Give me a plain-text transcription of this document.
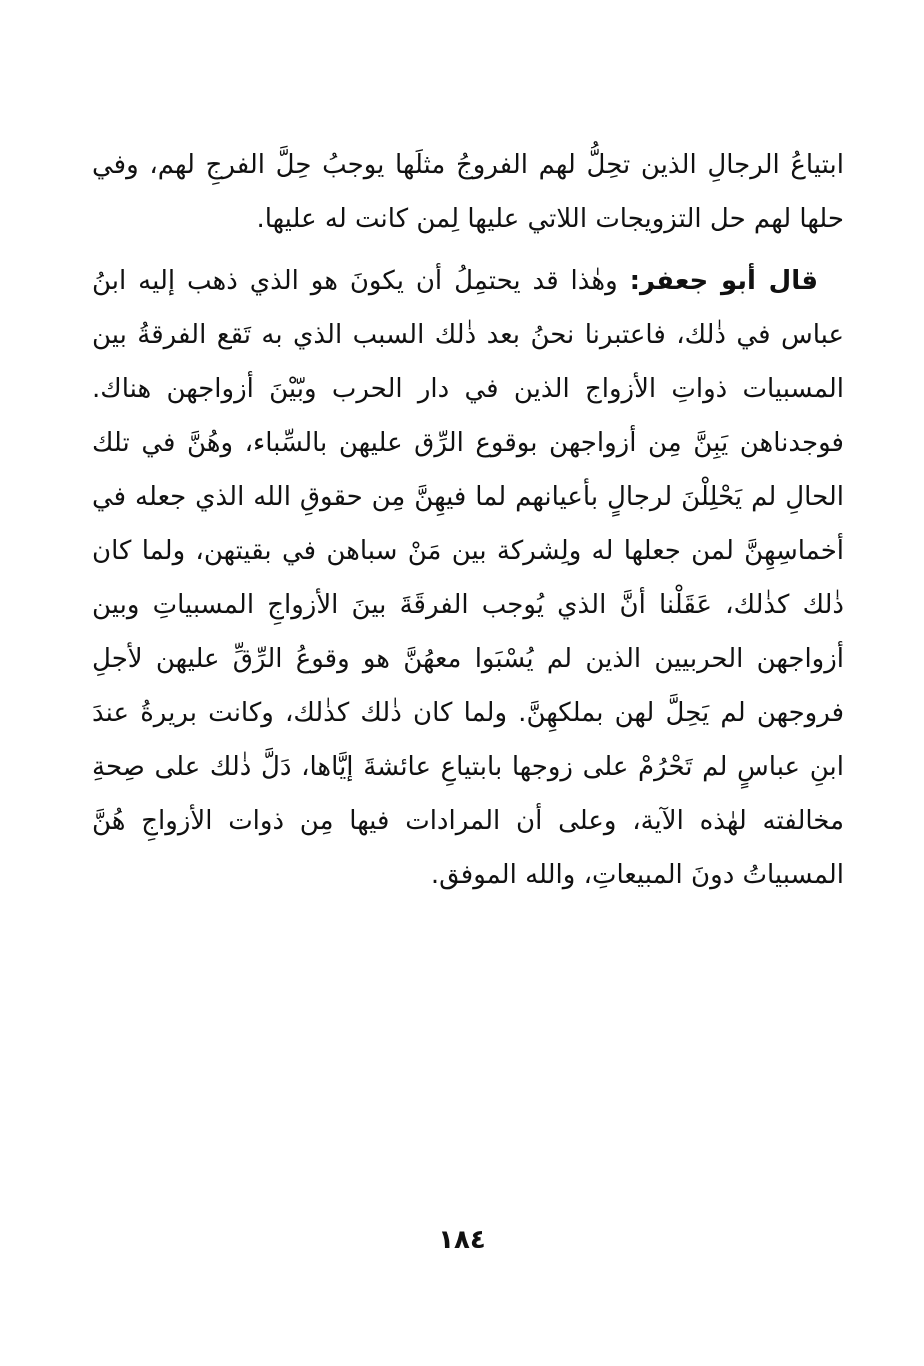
ابتياعُ الرجالِ الذين تحِلُّ لهم الفروجُ مثلَها يوجبُ حِلَّ الفرجِ لهم، وفي حلها لهم حل التزويجات اللاتي عليها لِمن كانت له عليها.

قال أبو جعفر: وهٰذا قد يحتمِلُ أن يكونَ هو الذي ذهب إليه ابنُ عباس في ذٰلك، فاعتبرنا نحنُ بعد ذٰلك السبب الذي به تَقع الفرقةُ بين المسبيات ذواتِ الأزواج الذين في دار الحرب وبّيْنَ أزواجهن هناك. فوجدناهن يَبِنَّ مِن أزواجهن بوقوع الرِّق عليهن بالسِّباء، وهُنَّ في تلك الحالِ لم يَحْلِلْنَ لرجالٍ بأعيانهم لما فيهِنَّ مِن حقوقِ الله الذي جعله في أخماسِهِنَّ لمن جعلها له ولِشركة بين مَنْ سباهن في بقيتهن، ولما كان ذٰلك كذٰلك، عَقَلْنا أنَّ الذي يُوجب الفرقَةَ بينَ الأزواجِ المسبياتِ وبين أزواجهن الحربيين الذين لم يُسْبَوا معهُنَّ هو وقوعُ الرِّقِّ عليهن لأجلِ فروجهن لم يَحِلَّ لهن بملكهِنَّ. ولما كان ذٰلك كذٰلك، وكانت بريرةُ عندَ ابنِ عباسٍ لم تَحْرُمْ على زوجها بابتياعِ عائشةَ إيَّاها، دَلَّ ذٰلك على صِحةِ مخالفته لهٰذه الآية، وعلى أن المرادات فيها مِن ذوات الأزواجِ هُنَّ المسبياتُ دونَ المبيعاتِ، والله الموفق.

١٨٤
